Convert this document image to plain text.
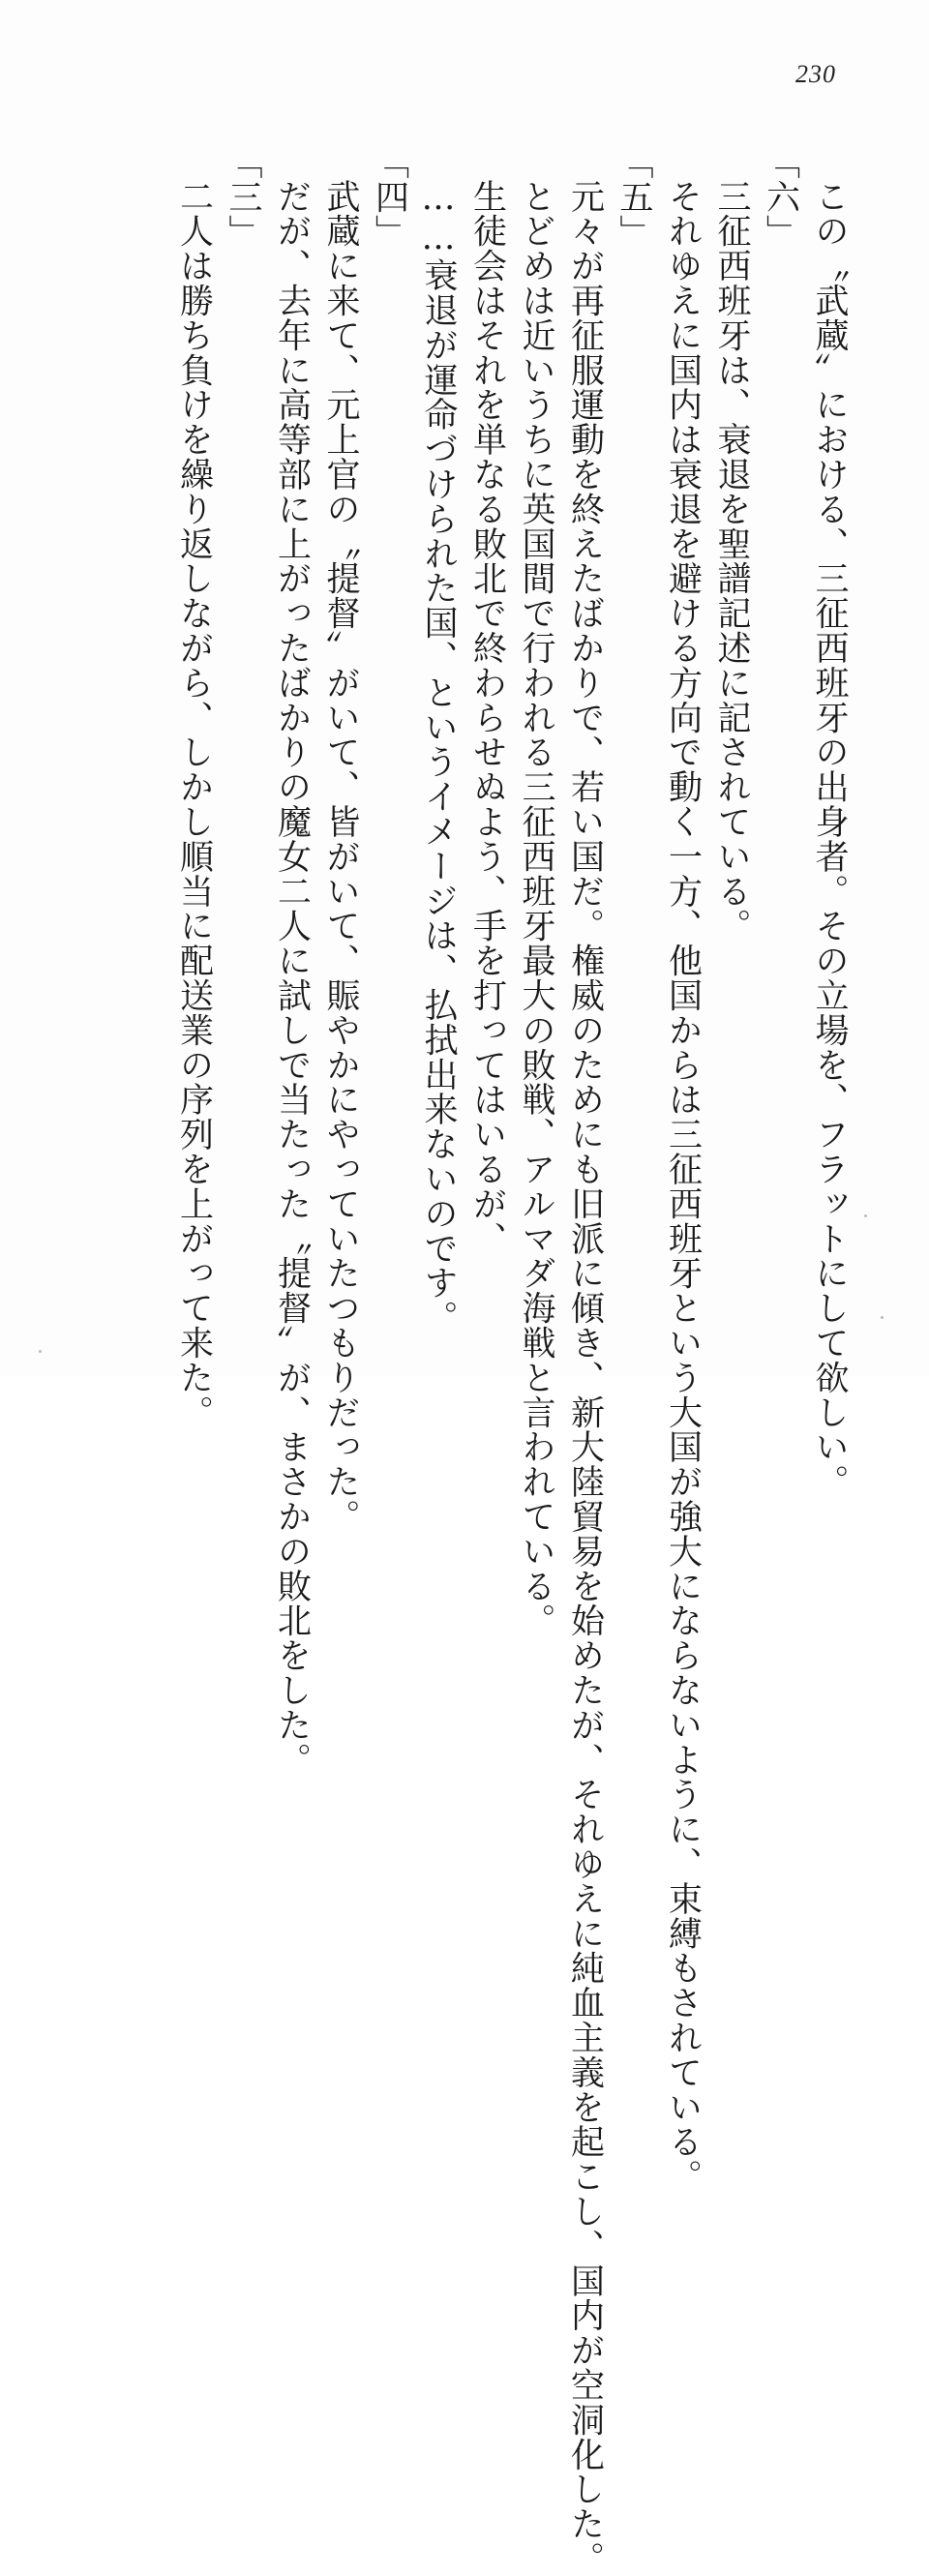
230
この〝武蔵〟における、三征西班牙の出身者。その立場を、フラットにして欲しい。
「六」
三征西班牙は、衰退を聖譜記述に記されている。
それゆえに国内は衰退を避ける方向で動く一方、他国からは三征西班牙という大国が強大にならないように、束縛もされている。
「五」
元々が再征服運動を終えたばかりで、若い国だ。権威のためにも旧派に傾き、新大陸貿易を始めたが、それゆえに純血主義を起こし、国内が空洞化した。
とどめは近いうちに英国間で行われる三征西班牙最大の敗戦、アルマダ海戦と言われている。
生徒会はそれを単なる敗北で終わらせぬよう、手を打ってはいるが、
……衰退が運命づけられた国、というイメージは、払拭出来ないのです。
「四」
武蔵に来て、元上官の〝提督〟がいて、皆がいて、賑やかにやっていたつもりだった。
だが、去年に高等部に上がったばかりの魔女二人に試しで当たった〝提督〟が、まさかの敗北をした。
「三」
二人は勝ち負けを繰り返しながら、しかし順当に配送業の序列を上がって来た。
